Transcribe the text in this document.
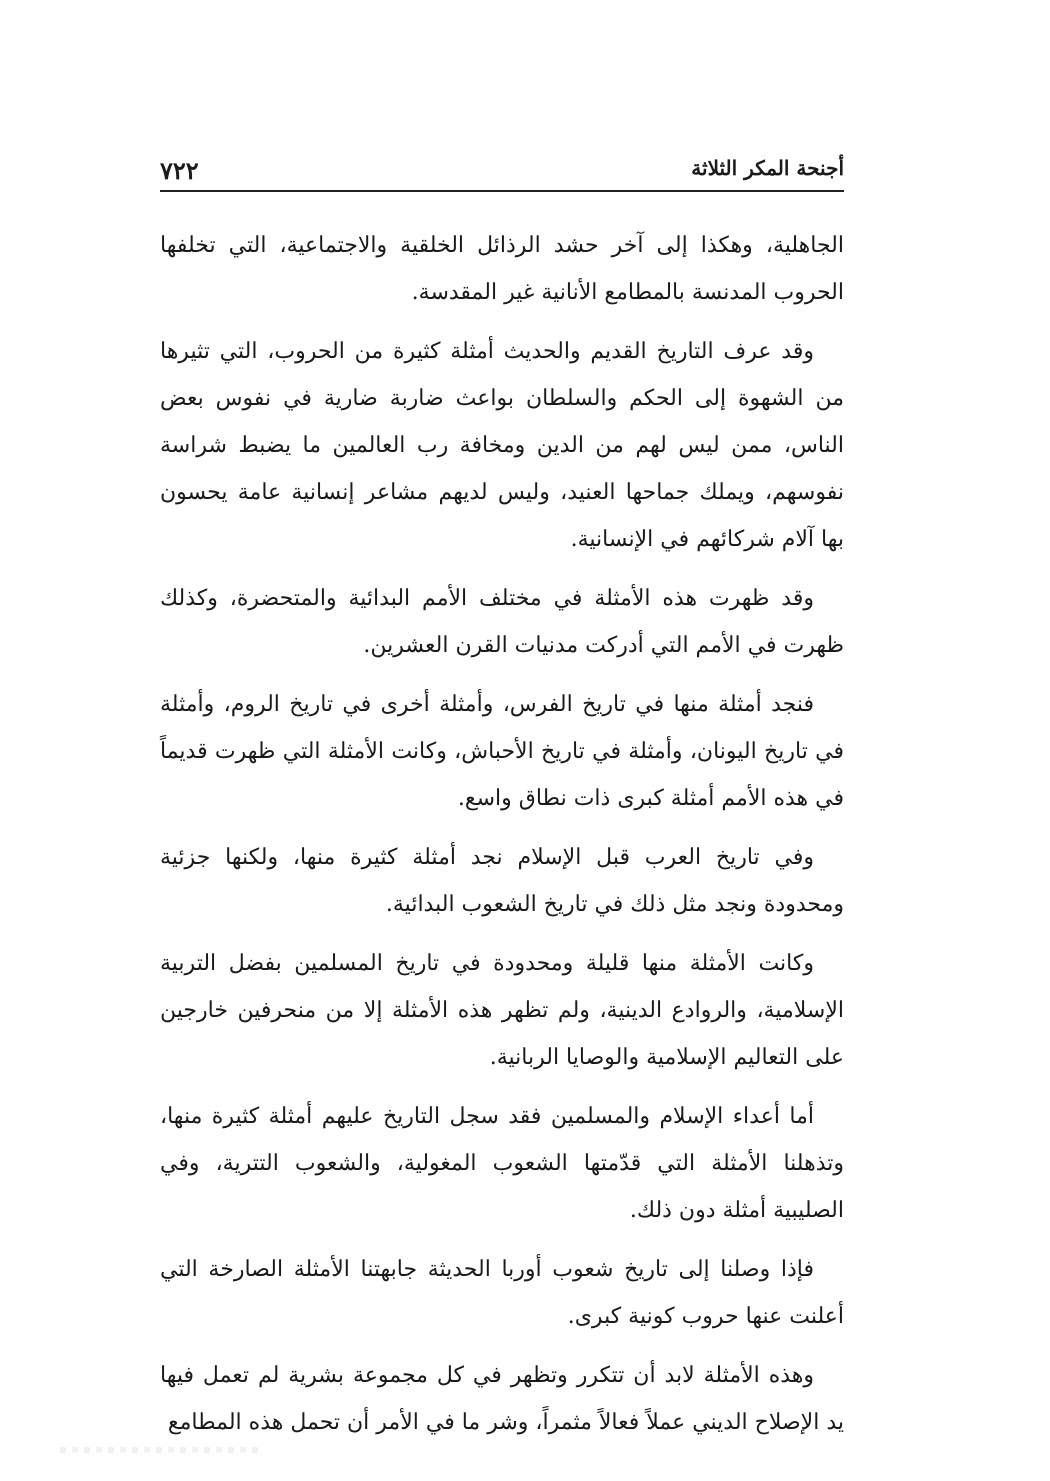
٧٢٢	أجنحة المكر الثلاثة

الجاهلية، وهكذا إلى آخر حشد الرذائل الخلقية والاجتماعية، التي تخلفها الحروب المدنسة بالمطامع الأنانية غير المقدسة.

وقد عرف التاريخ القديم والحديث أمثلة كثيرة من الحروب، التي تثيرها من الشهوة إلى الحكم والسلطان بواعث ضاربة ضارية في نفوس بعض الناس، ممن ليس لهم من الدين ومخافة رب العالمين ما يضبط شراسة نفوسهم، ويملك جماحها العنيد، وليس لديهم مشاعر إنسانية عامة يحسون بها آلام شركائهم في الإنسانية.

وقد ظهرت هذه الأمثلة في مختلف الأمم البدائية والمتحضرة، وكذلك ظهرت في الأمم التي أدركت مدنيات القرن العشرين.

فنجد أمثلة منها في تاريخ الفرس، وأمثلة أخرى في تاريخ الروم، وأمثلة في تاريخ اليونان، وأمثلة في تاريخ الأحباش، وكانت الأمثلة التي ظهرت قديماً في هذه الأمم أمثلة كبرى ذات نطاق واسع.

وفي تاريخ العرب قبل الإسلام نجد أمثلة كثيرة منها، ولكنها جزئية ومحدودة ونجد مثل ذلك في تاريخ الشعوب البدائية.

وكانت الأمثلة منها قليلة ومحدودة في تاريخ المسلمين بفضل التربية الإسلامية، والروادع الدينية، ولم تظهر هذه الأمثلة إلا من منحرفين خارجين على التعاليم الإسلامية والوصايا الربانية.

أما أعداء الإسلام والمسلمين فقد سجل التاريخ عليهم أمثلة كثيرة منها، وتذهلنا الأمثلة التي قدّمتها الشعوب المغولية، والشعوب التترية، وفي الصليبية أمثلة دون ذلك.

فإذا وصلنا إلى تاريخ شعوب أوربا الحديثة جابهتنا الأمثلة الصارخة التي أعلنت عنها حروب كونية كبرى.

وهذه الأمثلة لابد أن تتكرر وتظهر في كل مجموعة بشرية لم تعمل فيها يد الإصلاح الديني عملاً فعالاً مثمراً، وشر ما في الأمر أن تحمل هذه المطامع
